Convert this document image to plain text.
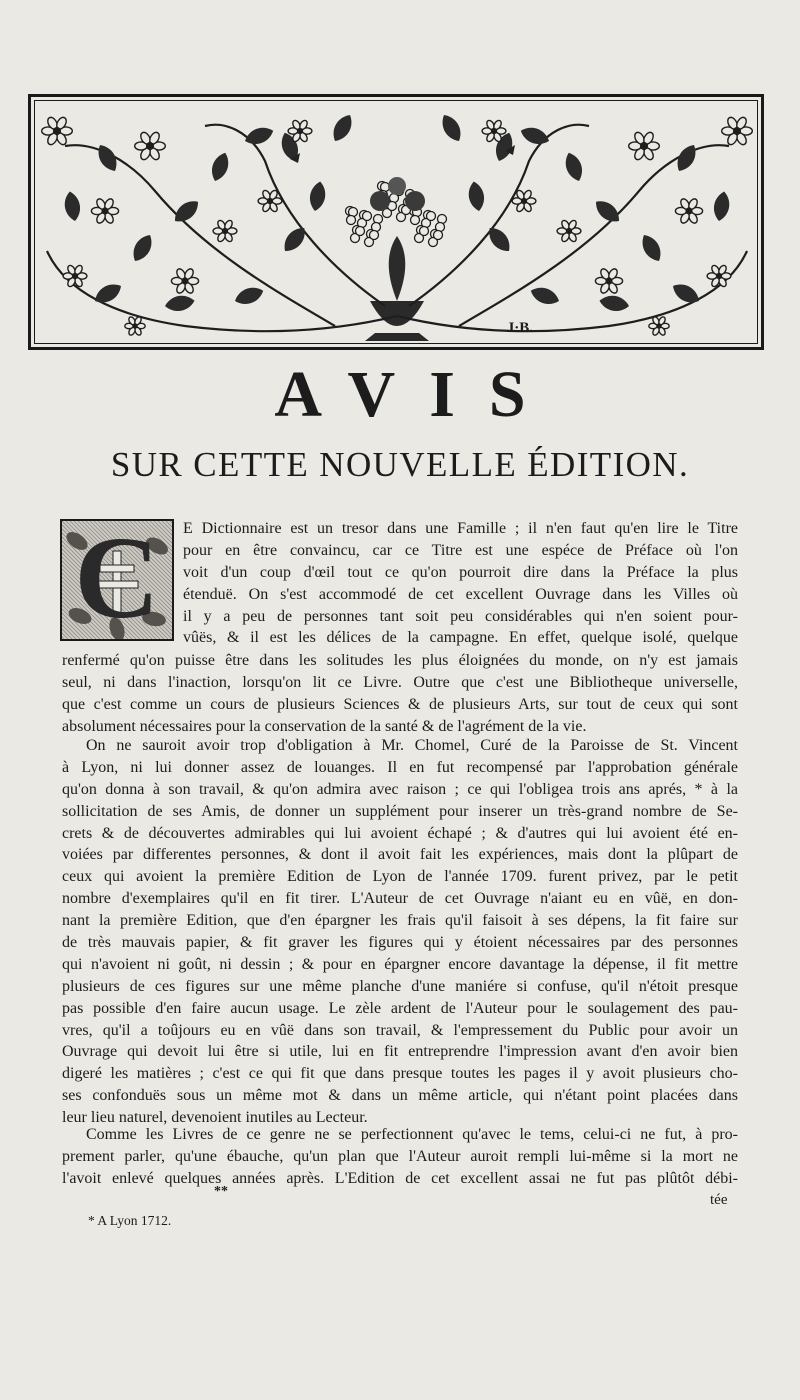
J·B.
AVIS
SUR CETTE NOUVELLE ÉDITION.
C	E Dictionnaire est un tresor dans une Famille ; il n'en faut qu'en lire le Titre
pour en être convaincu, car ce Titre est une espéce de Préface où l'on
voit d'un coup d'œil tout ce qu'on pourroit dire dans la Préface la plus
étenduë. On s'est accommodé de cet excellent Ouvrage dans les Villes où
il y a peu de personnes tant soit peu considérables qui n'en soient pour-
vûës, & il est les délices de la campagne. En effet, quelque isolé, quelque
renfermé qu'on puisse être dans les solitudes les plus éloignées du monde, on n'y est jamais
seul, ni dans l'inaction, lorsqu'on lit ce Livre. Outre que c'est une Bibliotheque universelle,
que c'est comme un cours de plusieurs Sciences & de plusieurs Arts, sur tout de ceux qui sont
absolument nécessaires pour la conservation de la santé & de l'agrément de la vie.
On ne sauroit avoir trop d'obligation à Mr. Chomel, Curé de la Paroisse de St. Vincent
à Lyon, ni lui donner assez de louanges. Il en fut recompensé par l'approbation générale
qu'on donna à son travail, & qu'on admira avec raison ; ce qui l'obligea trois ans aprés, * à la
sollicitation de ses Amis, de donner un supplément pour inserer un très-grand nombre de Se-
crets & de découvertes admirables qui lui avoient échapé ; & d'autres qui lui avoient été en-
voiées par differentes personnes, & dont il avoit fait les expériences, mais dont la plûpart de
ceux qui avoient la première Edition de Lyon de l'année 1709. furent privez, par le petit
nombre d'exemplaires qu'il en fit tirer. L'Auteur de cet Ouvrage n'aiant eu en vûë, en don-
nant la première Edition, que d'en épargner les frais qu'il faisoit à ses dépens, la fit faire sur
de très mauvais papier, & fit graver les figures qui y étoient nécessaires par des personnes
qui n'avoient ni goût, ni dessin ; & pour en épargner encore davantage la dépense, il fit mettre
plusieurs de ces figures sur une même planche d'une maniére si confuse, qu'il n'étoit presque
pas possible d'en faire aucun usage. Le zèle ardent de l'Auteur pour le soulagement des pau-
vres, qu'il a toûjours eu en vûë dans son travail, & l'empressement du Public pour avoir un
Ouvrage qui devoit lui être si utile, lui en fit entreprendre l'impression avant d'en avoir bien
digeré les matières ; c'est ce qui fit que dans presque toutes les pages il y avoit plusieurs cho-
ses confonduës sous un même mot & dans un même article, qui n'étant point placées dans
leur lieu naturel, devenoient inutiles au Lecteur.
Comme les Livres de ce genre ne se perfectionnent qu'avec le tems, celui-ci ne fut, à pro-
prement parler, qu'une ébauche, qu'un plan que l'Auteur auroit rempli lui-même si la mort ne
l'avoit enlevé quelques années après. L'Edition de cet excellent assai ne fut pas plûtôt débi-
**
tée
* A Lyon 1712.
